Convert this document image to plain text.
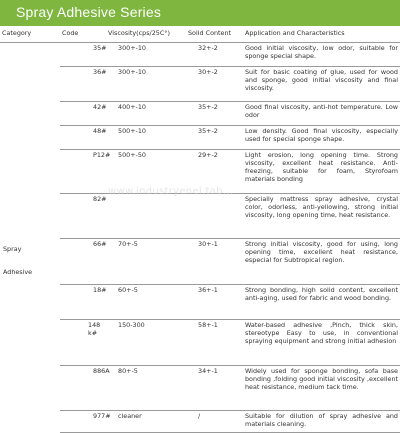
Spray Adhesive Series
Category	Code	Viscosity(cps/25C°)	Solid Content	Application and Characteristics
	35#	300+-10	32+-2	Good initial viscosity, low odor, suitable for sponge special shape.
	36#	300+-10	30+-2	Suit for basic coating of glue, used for wood and sponge, good initial viscosity and final viscosity.
	42#	400+-10	35+-2	Good final viscosity, anti-hot temperature. Low odor
	48#	500+-10	35+-2	Low density. Good final viscosity, especially used for special sponge shape.
	P12#	500+-50	29+-2	Light erosion, long opening time. Strong viscosity, excellent heat resistance. Anti-freezing, suitable for foam, Styrofoam materials bonding
	82#			Specially mattress spray adhesive, crystal color, odorless, anti-yellowing, strong initial viscosity, long opening time, heat resistance.
	66#	70+-5	30+-1	Strong initial viscosity, good for using, long opening time, excellent heat resistance, especial for Subtropical region.
	18#	60+-5	36+-1	Strong bonding, high solid content, excellent anti-aging, used for fabric and wood bonding.
	148 k#	150-300	58+-1	Water-based adhesive ,Pinch, thick skin, stereotype Easy to use, in conventional spraying equipment and strong initial adhesion
	886A	80+-5	34+-1	Widely used for sponge bonding, sofa base bonding ,folding good initial viscosity ,excellent heat resistance, medium tack time.
	977#	cleaner	/	Suitable for dilution of spray adhesive and materials cleaning.
Spray
Adhesive
www.industryenel.tab...
